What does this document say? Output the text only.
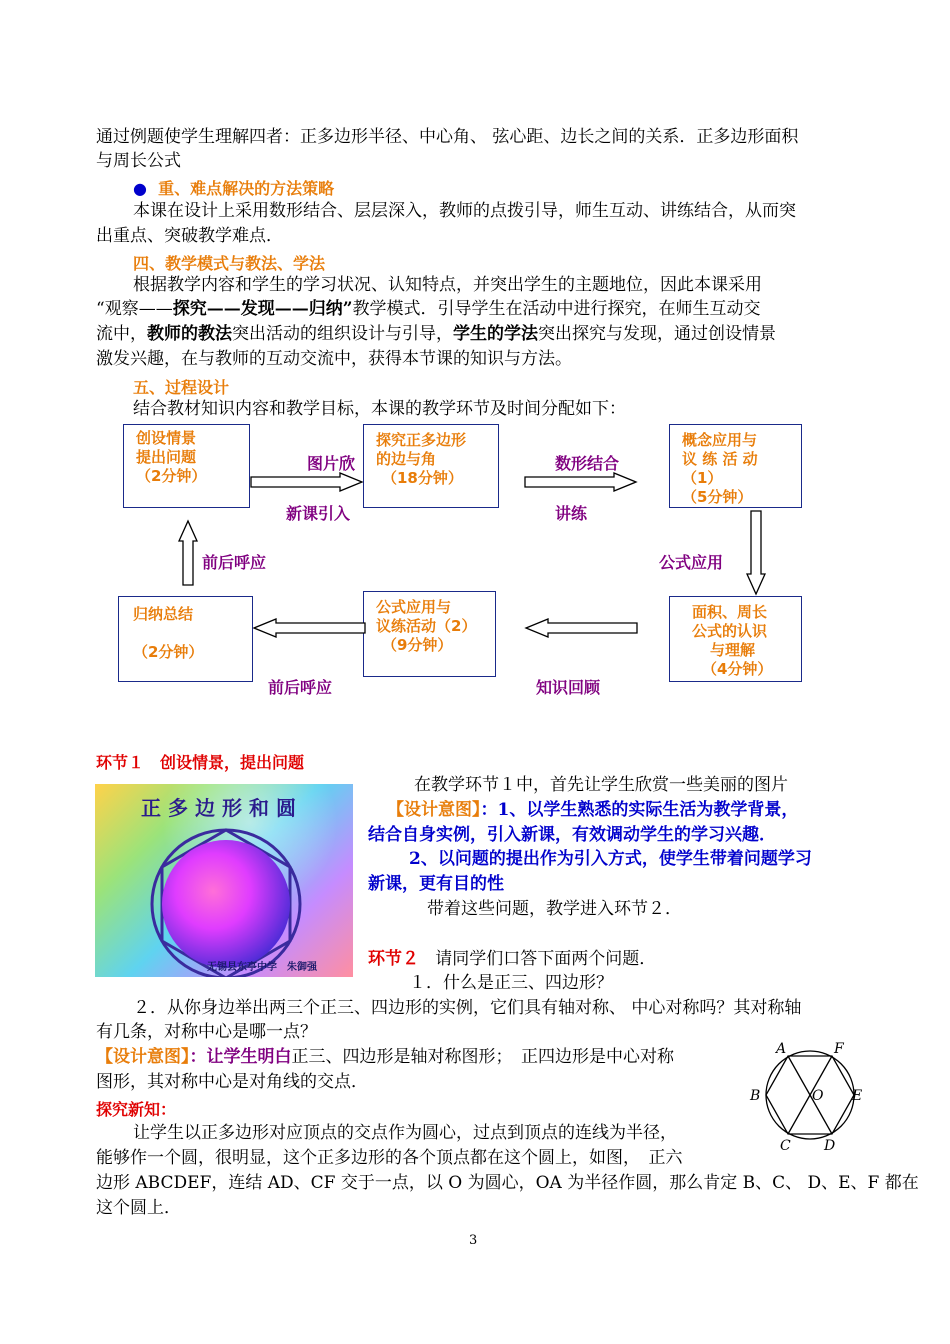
通过例题使学生理解四者：正多边形半径、中心角、 弦心距、边长之间的关系．正多边形面积
与周长公式
● 重、难点解决的方法策略
本课在设计上采用数形结合、层层深入，教师的点拨引导，师生互动、讲练结合，从而突
出重点、突破教学难点．
四、教学模式与教法、学法
根据教学内容和学生的学习状况、认知特点，并突出学生的主题地位，因此本课采用
“观察——探究——发现——归纳”教学模式．引导学生在活动中进行探究，在师生互动交
流中，教师的教法突出活动的组织设计与引导，学生的学法突出探究与发现，通过创设情景
激发兴趣，在与教师的互动交流中，获得本节课的知识与方法。
五、过程设计
结合教材知识内容和教学目标，本课的教学环节及时间分配如下：
创设情景
提出问题
（2分钟）
探究正多边形
的边与角
（18分钟）
概念应用与
议 练 活 动
（1）
（5分钟）
归纳总结

（2分钟）
公式应用与
议练活动（2）
（9分钟）
面积、周长
公式的认识
与理解
（4分钟）
图片欣
新课引入
数形结合
讲练
公式应用
前后呼应
前后呼应	知识回顾
环节１　创设情景，提出问题
正多边形和圆
无锡县东亭中学　朱御强
在教学环节１中，首先让学生欣赏一些美丽的图片
【设计意图】：1、以学生熟悉的实际生活为教学背景，
结合自身实例，引入新课，有效调动学生的学习兴趣．
2、以问题的提出作为引入方式，使学生带着问题学习
新课，更有目的性
带着这些问题，教学进入环节２．
环节２ 请同学们口答下面两个问题．
１．什么是正三、四边形？
２．从你身边举出两三个正三、四边形的实例，它们具有轴对称、 中心对称吗？其对称轴
有几条，对称中心是哪一点？
【设计意图】：让学生明白正三、四边形是轴对称图形；　正四边形是中心对称
图形，其对称中心是对角线的交点．
探究新知：
让学生以正多边形对应顶点的交点作为圆心，过点到顶点的连线为半径，
能够作一个圆，很明显，这个正多边形的各个顶点都在这个圆上，如图，　正六
边形 ABCDEF，连结 AD、CF 交于一点，以 O 为圆心，OA 为半径作圆，那么肯定 B、C、 D、E、F 都在
这个圆上．
A	F
B	E
O
C D
3
